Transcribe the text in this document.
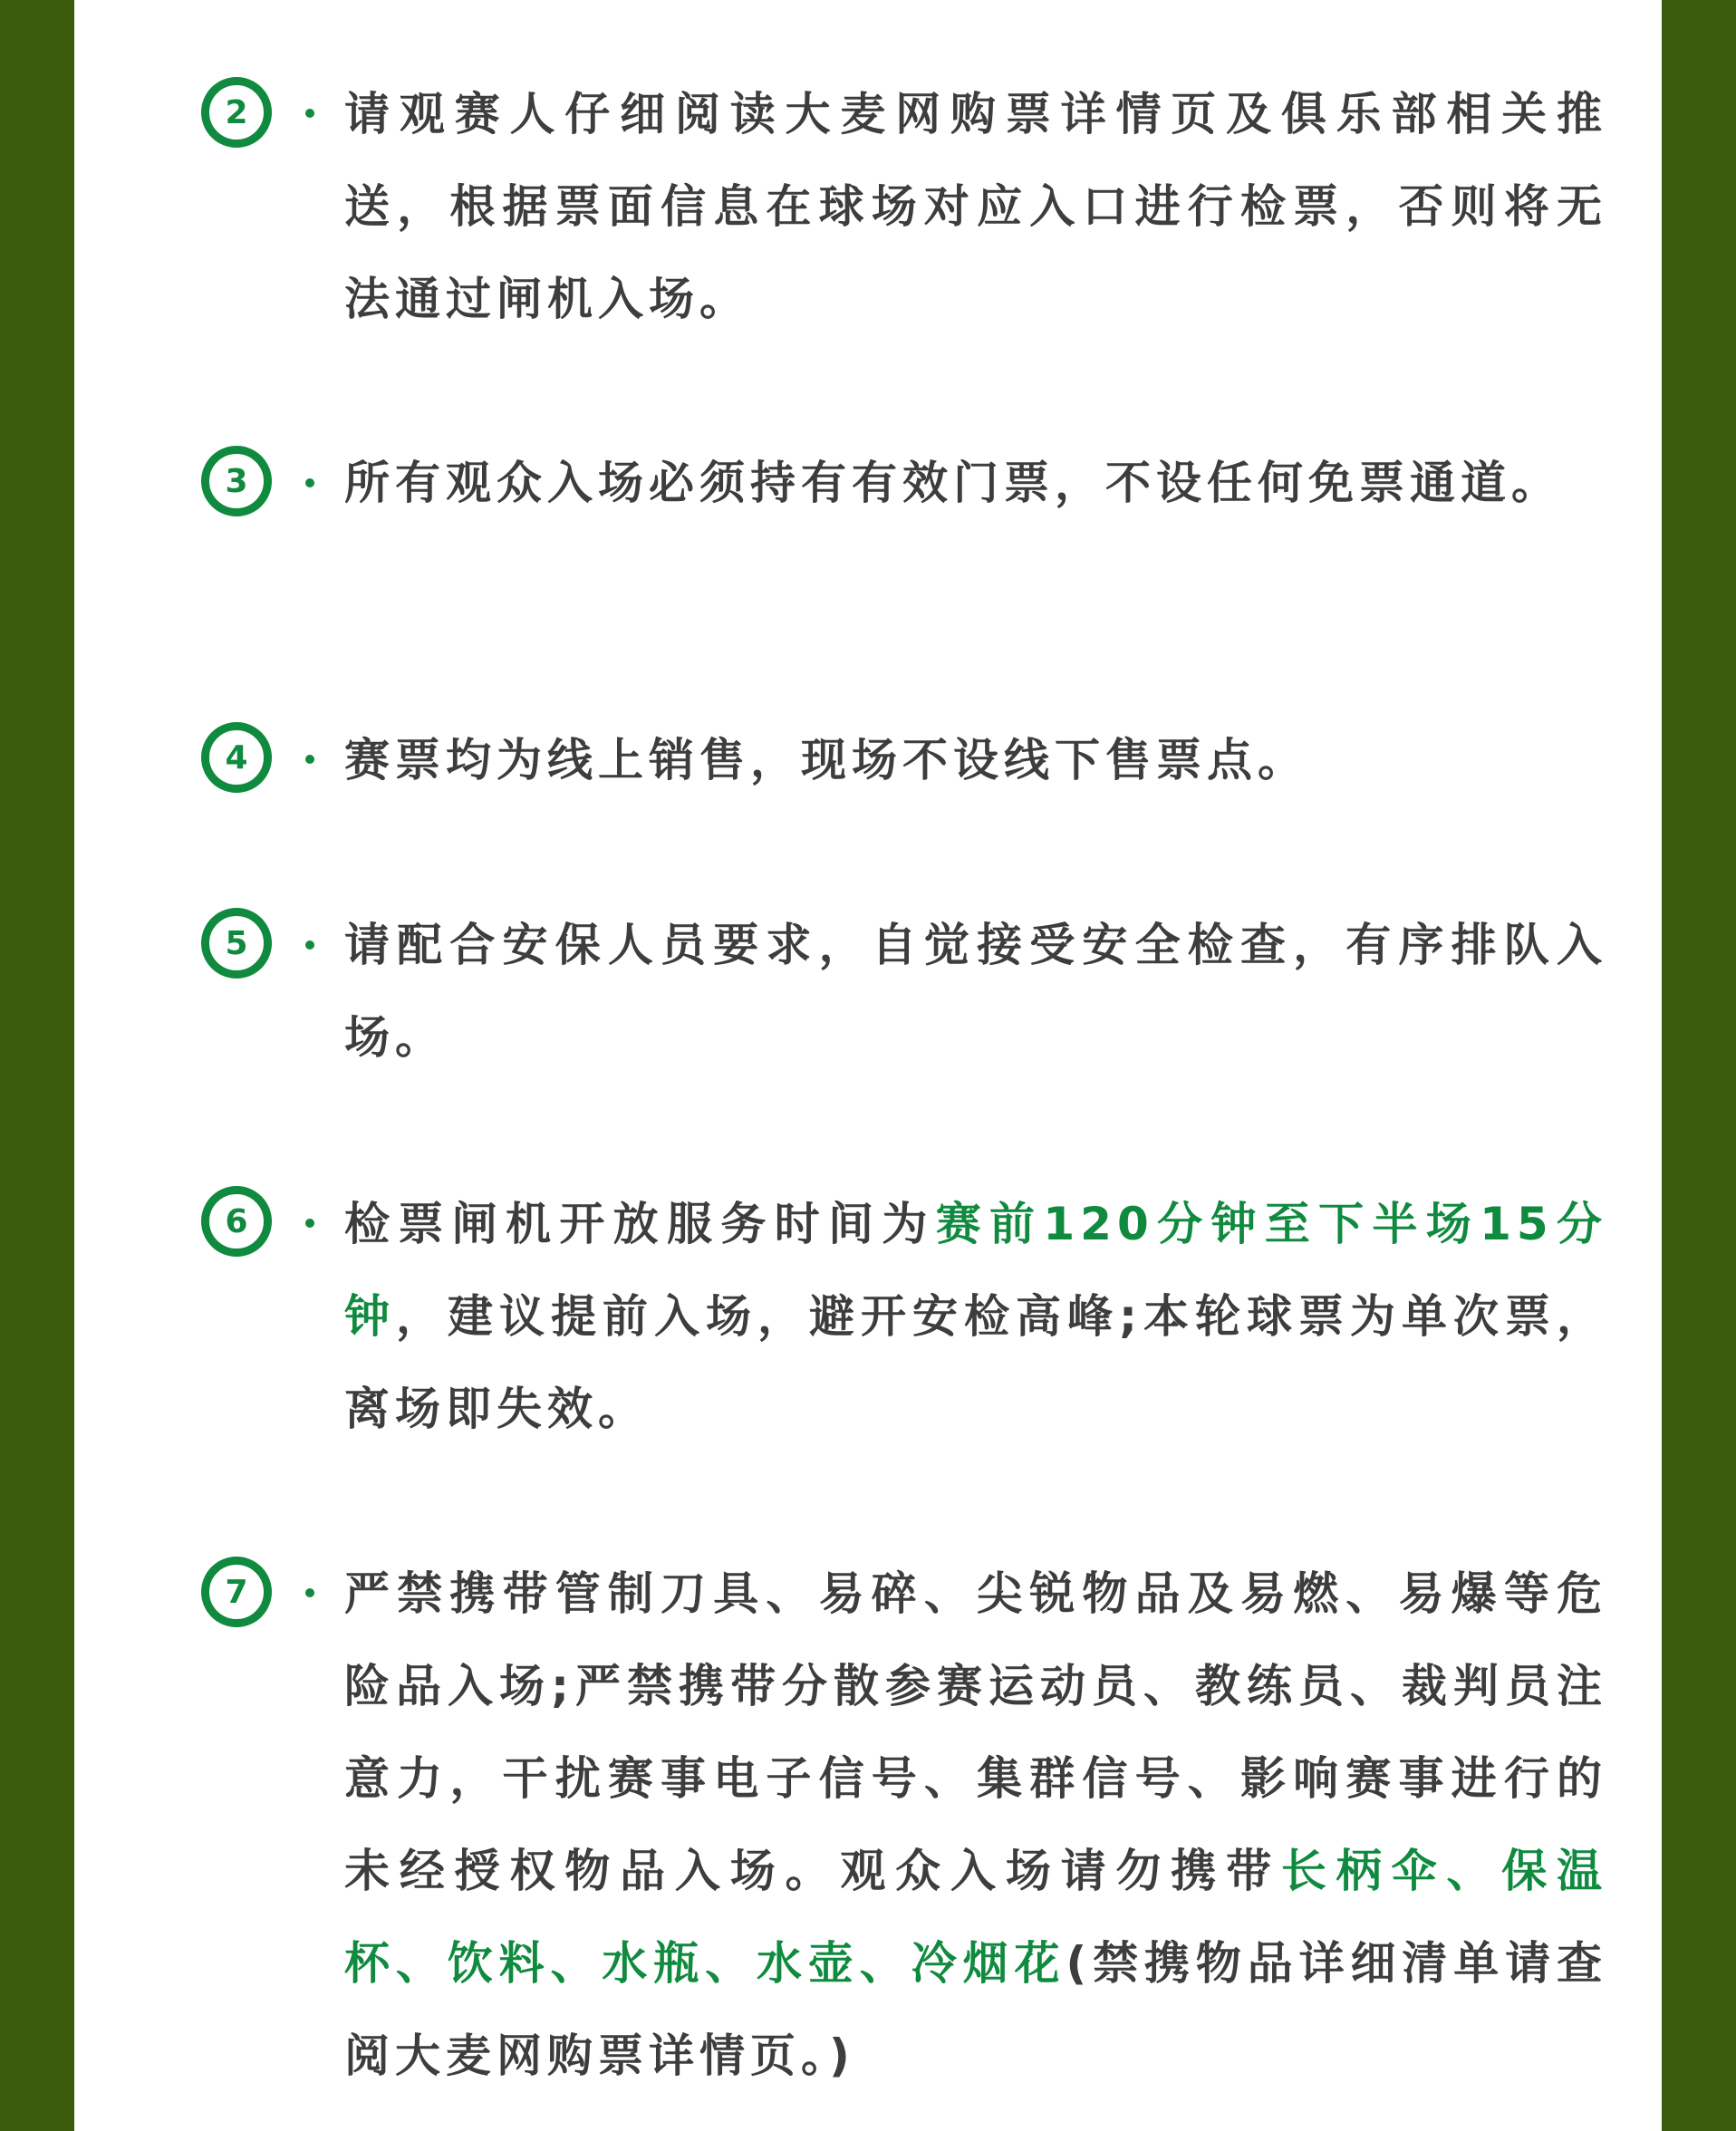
2 请观赛人仔细阅读大麦网购票详情页及俱乐部相关推送，根据票面信息在球场对应入口进行检票，否则将无法通过闸机入场。
3 所有观众入场必须持有有效门票，不设任何免票通道。
4 赛票均为线上销售，现场不设线下售票点。
5 请配合安保人员要求，自觉接受安全检查，有序排队入场。
6 检票闸机开放服务时间为赛前120分钟至下半场15分钟，建议提前入场，避开安检高峰;本轮球票为单次票，离场即失效。
7 严禁携带管制刀具、易碎、尖锐物品及易燃、易爆等危险品入场;严禁携带分散参赛运动员、教练员、裁判员注意力，干扰赛事电子信号、集群信号、影响赛事进行的未经授权物品入场。观众入场请勿携带长柄伞、保温杯、饮料、水瓶、水壶、冷烟花(禁携物品详细清单请查阅大麦网购票详情页。)
